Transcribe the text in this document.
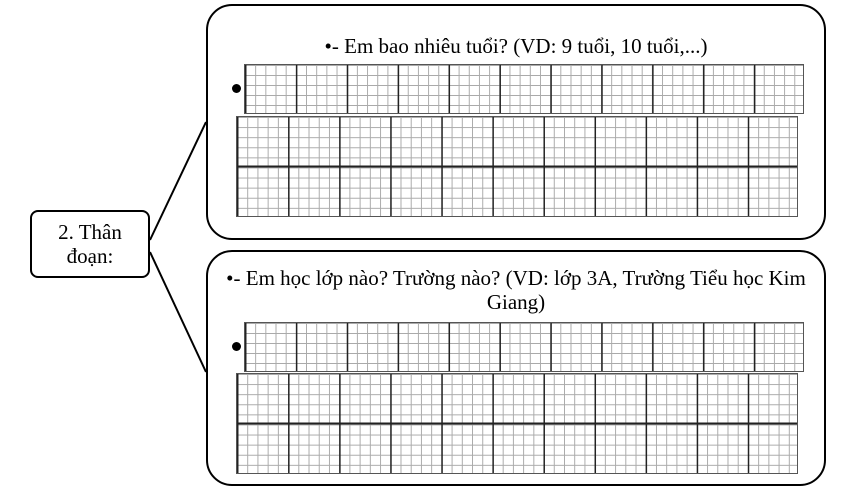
2. Thân
đoạn:
•- Em bao nhiêu tuổi? (VD: 9 tuổi, 10 tuổi,...)
•- Em học lớp nào? Trường nào? (VD: lớp 3A, Trường Tiểu học Kim Giang)
